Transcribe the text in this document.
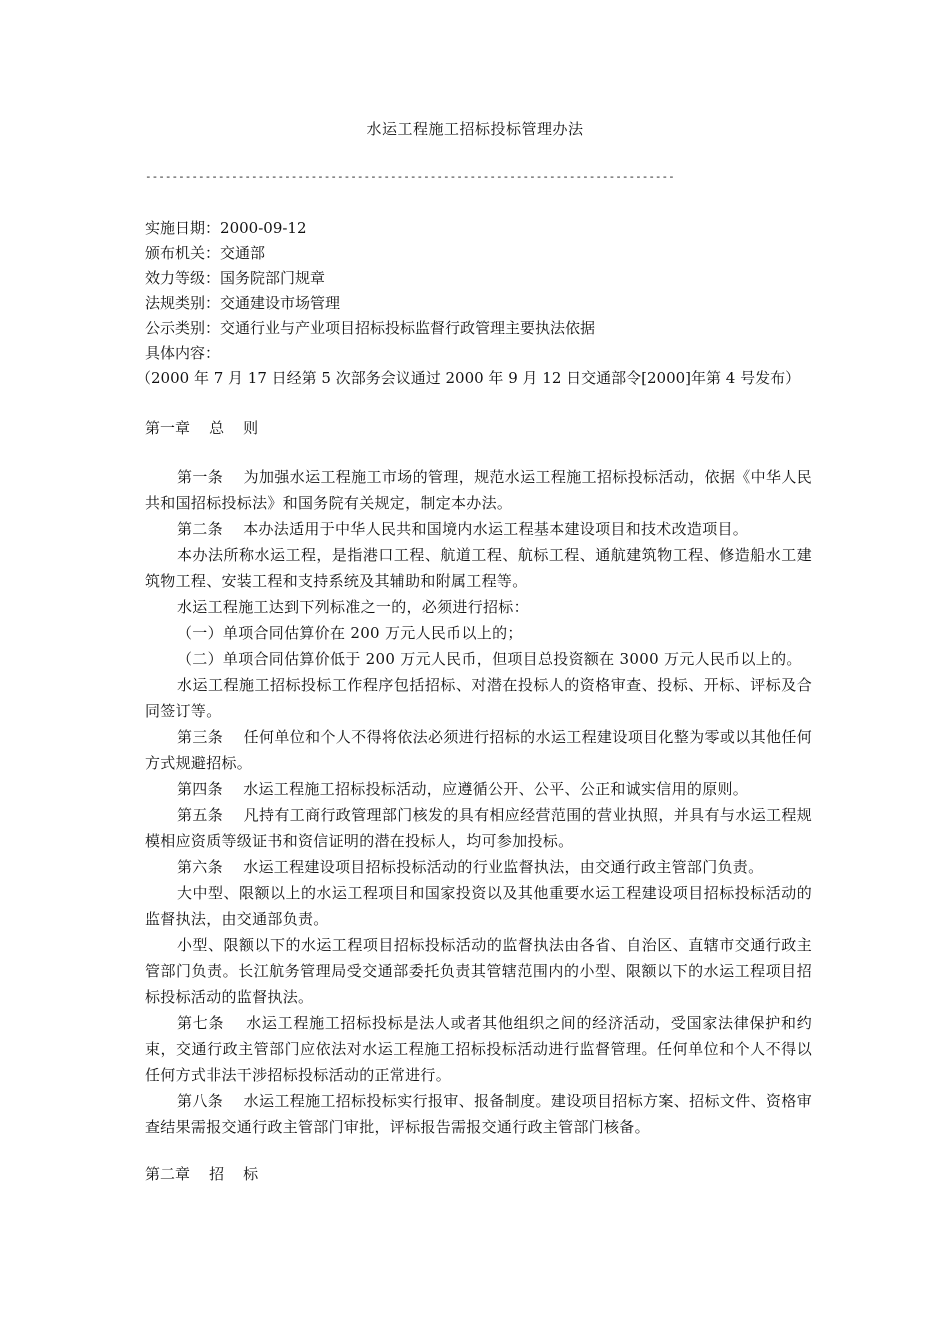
水运工程施工招标投标管理办法
--------------------------------------------------------------------------------
实施日期：2000-09-12
颁布机关：交通部
效力等级：国务院部门规章
法规类别：交通建设市场管理
公示类别：交通行业与产业项目招标投标监督行政管理主要执法依据
具体内容：
（2000 年 7 月 17 日经第 5 次部务会议通过 2000 年 9 月 12 日交通部令[2000]年第 4 号发布）
第一章    总    则

第一条    为加强水运工程施工市场的管理，规范水运工程施工招标投标活动，依据《中华人民共和国招标投标法》和国务院有关规定，制定本办法。

第二条    本办法适用于中华人民共和国境内水运工程基本建设项目和技术改造项目。

本办法所称水运工程，是指港口工程、航道工程、航标工程、通航建筑物工程、修造船水工建筑物工程、安装工程和支持系统及其辅助和附属工程等。

水运工程施工达到下列标准之一的，必须进行招标：

（一）单项合同估算价在 200 万元人民币以上的；

（二）单项合同估算价低于 200 万元人民币，但项目总投资额在 3000 万元人民币以上的。

水运工程施工招标投标工作程序包括招标、对潜在投标人的资格审查、投标、开标、评标及合同签订等。

第三条    任何单位和个人不得将依法必须进行招标的水运工程建设项目化整为零或以其他任何方式规避招标。

第四条    水运工程施工招标投标活动，应遵循公开、公平、公正和诚实信用的原则。

第五条    凡持有工商行政管理部门核发的具有相应经营范围的营业执照，并具有与水运工程规模相应资质等级证书和资信证明的潜在投标人，均可参加投标。

第六条    水运工程建设项目招标投标活动的行业监督执法，由交通行政主管部门负责。

大中型、限额以上的水运工程项目和国家投资以及其他重要水运工程建设项目招标投标活动的监督执法，由交通部负责。

小型、限额以下的水运工程项目招标投标活动的监督执法由各省、自治区、直辖市交通行政主管部门负责。长江航务管理局受交通部委托负责其管辖范围内的小型、限额以下的水运工程项目招标投标活动的监督执法。

第七条    水运工程施工招标投标是法人或者其他组织之间的经济活动，受国家法律保护和约束，交通行政主管部门应依法对水运工程施工招标投标活动进行监督管理。任何单位和个人不得以任何方式非法干涉招标投标活动的正常进行。

第八条    水运工程施工招标投标实行报审、报备制度。建设项目招标方案、招标文件、资格审查结果需报交通行政主管部门审批，评标报告需报交通行政主管部门核备。

第二章    招    标
